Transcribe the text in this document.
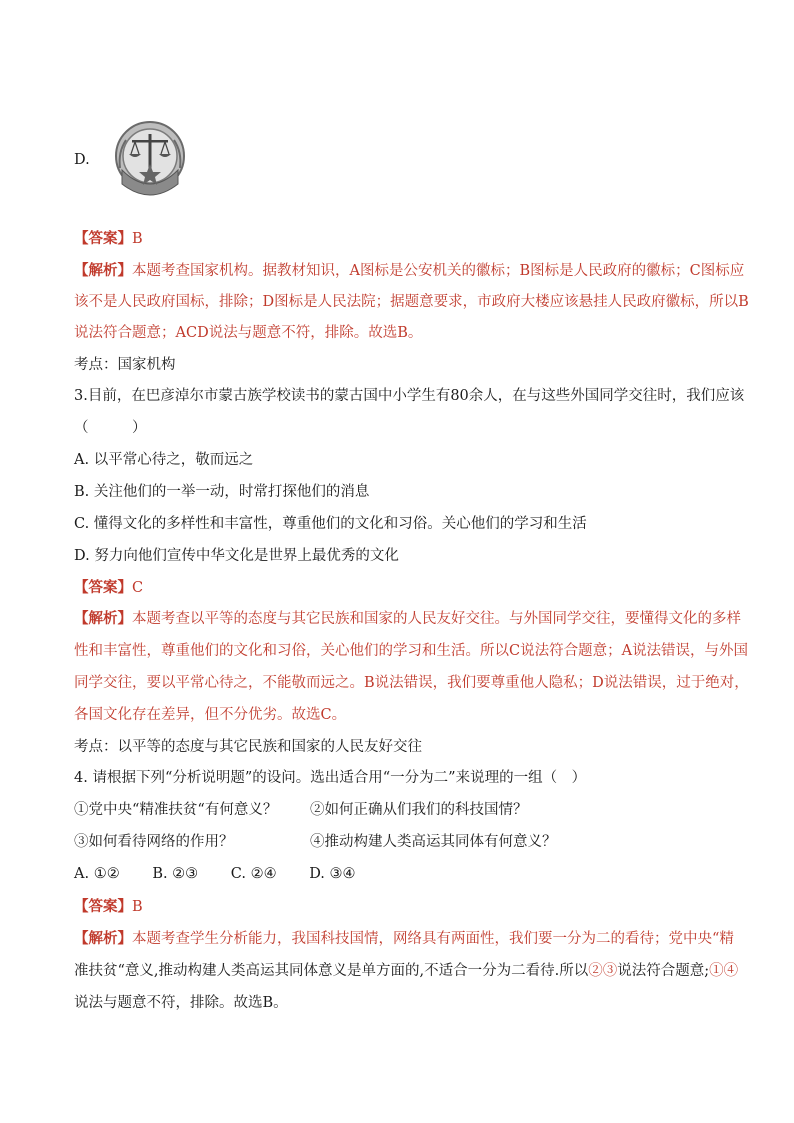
D.
【答案】B
【解析】本题考查国家机构。据教材知识，A图标是公安机关的徽标；B图标是人民政府的徽标；C图标应
该不是人民政府国标，排除；D图标是人民法院；据题意要求，市政府大楼应该悬挂人民政府徽标，所以B
说法符合题意；ACD说法与题意不符，排除。故选B。
考点：国家机构
3.目前，在巴彦淖尔市蒙古族学校读书的蒙古国中小学生有80余人，在与这些外国同学交往时，我们应该
（　　　）
A. 以平常心待之，敬而远之
B. 关注他们的一举一动，时常打探他们的消息
C. 懂得文化的多样性和丰富性，尊重他们的文化和习俗。关心他们的学习和生活
D. 努力向他们宣传中华文化是世界上最优秀的文化
【答案】C
【解析】本题考查以平等的态度与其它民族和国家的人民友好交往。与外国同学交往，要懂得文化的多样
性和丰富性，尊重他们的文化和习俗，关心他们的学习和生活。所以C说法符合题意；A说法错误，与外国
同学交往，要以平常心待之，不能敬而远之。B说法错误，我们要尊重他人隐私；D说法错误，过于绝对，
各国文化存在差异，但不分优劣。故选C。
考点：以平等的态度与其它民族和国家的人民友好交往
4. 请根据下列“分析说明题”的设问。选出适合用“一分为二”来说理的一组（　）
①党中央“精准扶贫“有何意义？ ②如何正确从们我们的科技国情？
③如何看待网络的作用？	④推动构建人类高运其同体有何意义？
A. ①② B. ②③ C. ②④ D. ③④
【答案】B
【解析】本题考查学生分析能力，我国科技国情，网络具有两面性，我们要一分为二的看待；党中央“精
准扶贫“意义,推动构建人类高运其同体意义是单方面的,不适合一分为二看待.所以②③说法符合题意;①④
说法与题意不符，排除。故选B。
